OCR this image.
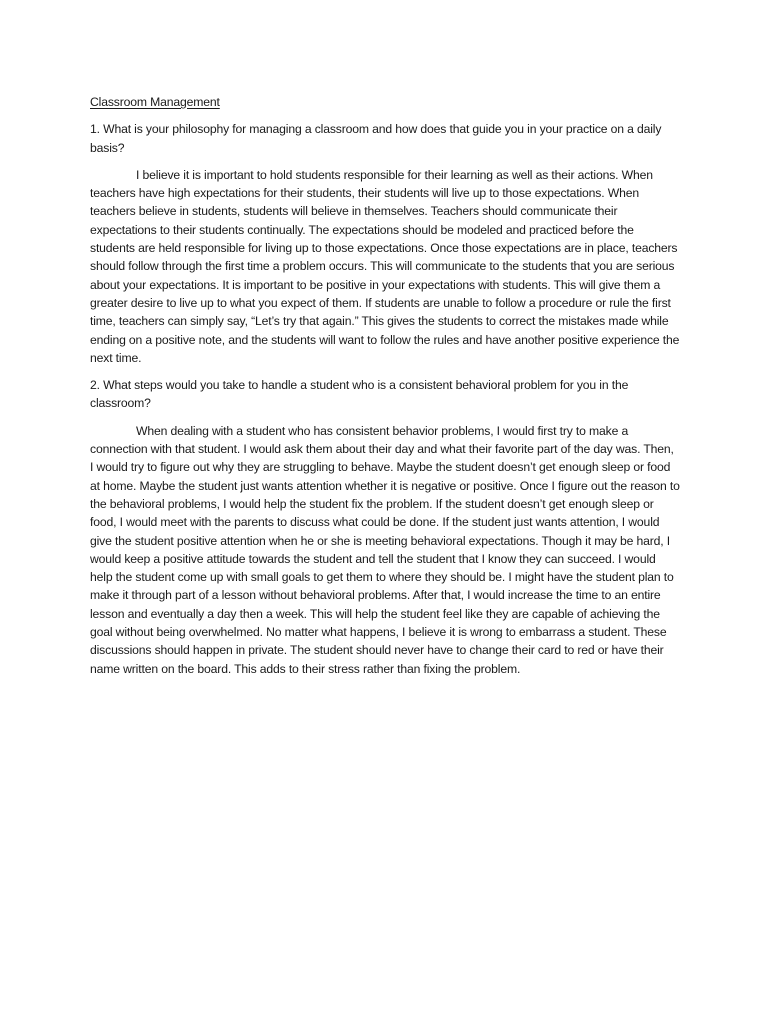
Classroom Management

1. What is your philosophy for managing a classroom and how does that guide you in your practice on a daily basis?

I believe it is important to hold students responsible for their learning as well as their actions. When teachers have high expectations for their students, their students will live up to those expectations. When teachers believe in students, students will believe in themselves. Teachers should communicate their expectations to their students continually. The expectations should be modeled and practiced before the students are held responsible for living up to those expectations. Once those expectations are in place, teachers should follow through the first time a problem occurs. This will communicate to the students that you are serious about your expectations. It is important to be positive in your expectations with students. This will give them a greater desire to live up to what you expect of them. If students are unable to follow a procedure or rule the first time, teachers can simply say, “Let’s try that again.” This gives the students to correct the mistakes made while ending on a positive note, and the students will want to follow the rules and have another positive experience the next time.

2. What steps would you take to handle a student who is a consistent behavioral problem for you in the classroom?

When dealing with a student who has consistent behavior problems, I would first try to make a connection with that student. I would ask them about their day and what their favorite part of the day was. Then, I would try to figure out why they are struggling to behave. Maybe the student doesn’t get enough sleep or food at home. Maybe the student just wants attention whether it is negative or positive. Once I figure out the reason to the behavioral problems, I would help the student fix the problem. If the student doesn’t get enough sleep or food, I would meet with the parents to discuss what could be done. If the student just wants attention, I would give the student positive attention when he or she is meeting behavioral expectations. Though it may be hard, I would keep a positive attitude towards the student and tell the student that I know they can succeed. I would help the student come up with small goals to get them to where they should be. I might have the student plan to make it through part of a lesson without behavioral problems. After that, I would increase the time to an entire lesson and eventually a day then a week. This will help the student feel like they are capable of achieving the goal without being overwhelmed. No matter what happens, I believe it is wrong to embarrass a student. These discussions should happen in private. The student should never have to change their card to red or have their name written on the board. This adds to their stress rather than fixing the problem.
